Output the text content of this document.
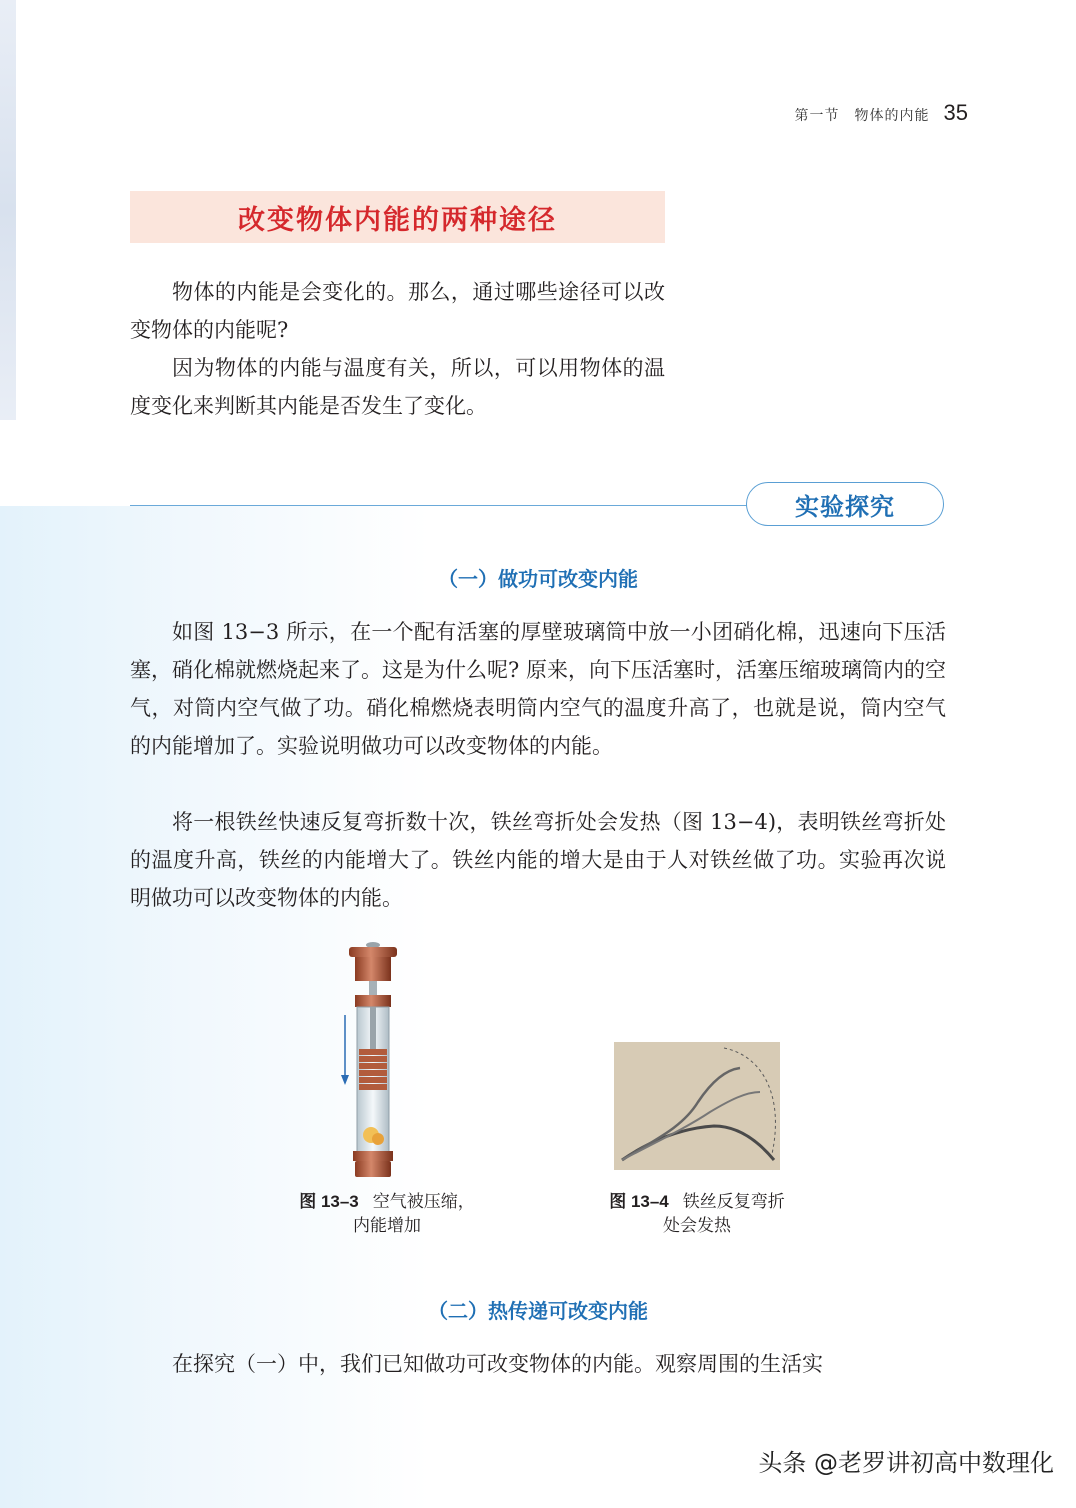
第一节　物体的内能 35
改变物体内能的两种途径

物体的内能是会变化的。那么，通过哪些途径可以改变物体的内能呢?

因为物体的内能与温度有关，所以，可以用物体的温度变化来判断其内能是否发生了变化。

实验探究
（一）做功可改变内能

如图 13−3 所示，在一个配有活塞的厚壁玻璃筒中放一小团硝化棉，迅速向下压活塞，硝化棉就燃烧起来了。这是为什么呢? 原来，向下压活塞时，活塞压缩玻璃筒内的空气，对筒内空气做了功。硝化棉燃烧表明筒内空气的温度升高了，也就是说，筒内空气的内能增加了。实验说明做功可以改变物体的内能。

将一根铁丝快速反复弯折数十次，铁丝弯折处会发热（图 13−4)，表明铁丝弯折处的温度升高，铁丝的内能增大了。铁丝内能的增大是由于人对铁丝做了功。实验再次说明做功可以改变物体的内能。

图 13–3 空气被压缩，
内能增加
图 13–4 铁丝反复弯折
处会发热
（二）热传递可改变内能

在探究（一）中，我们已知做功可改变物体的内能。观察周围的生活实

头条 @老罗讲初高中数理化
